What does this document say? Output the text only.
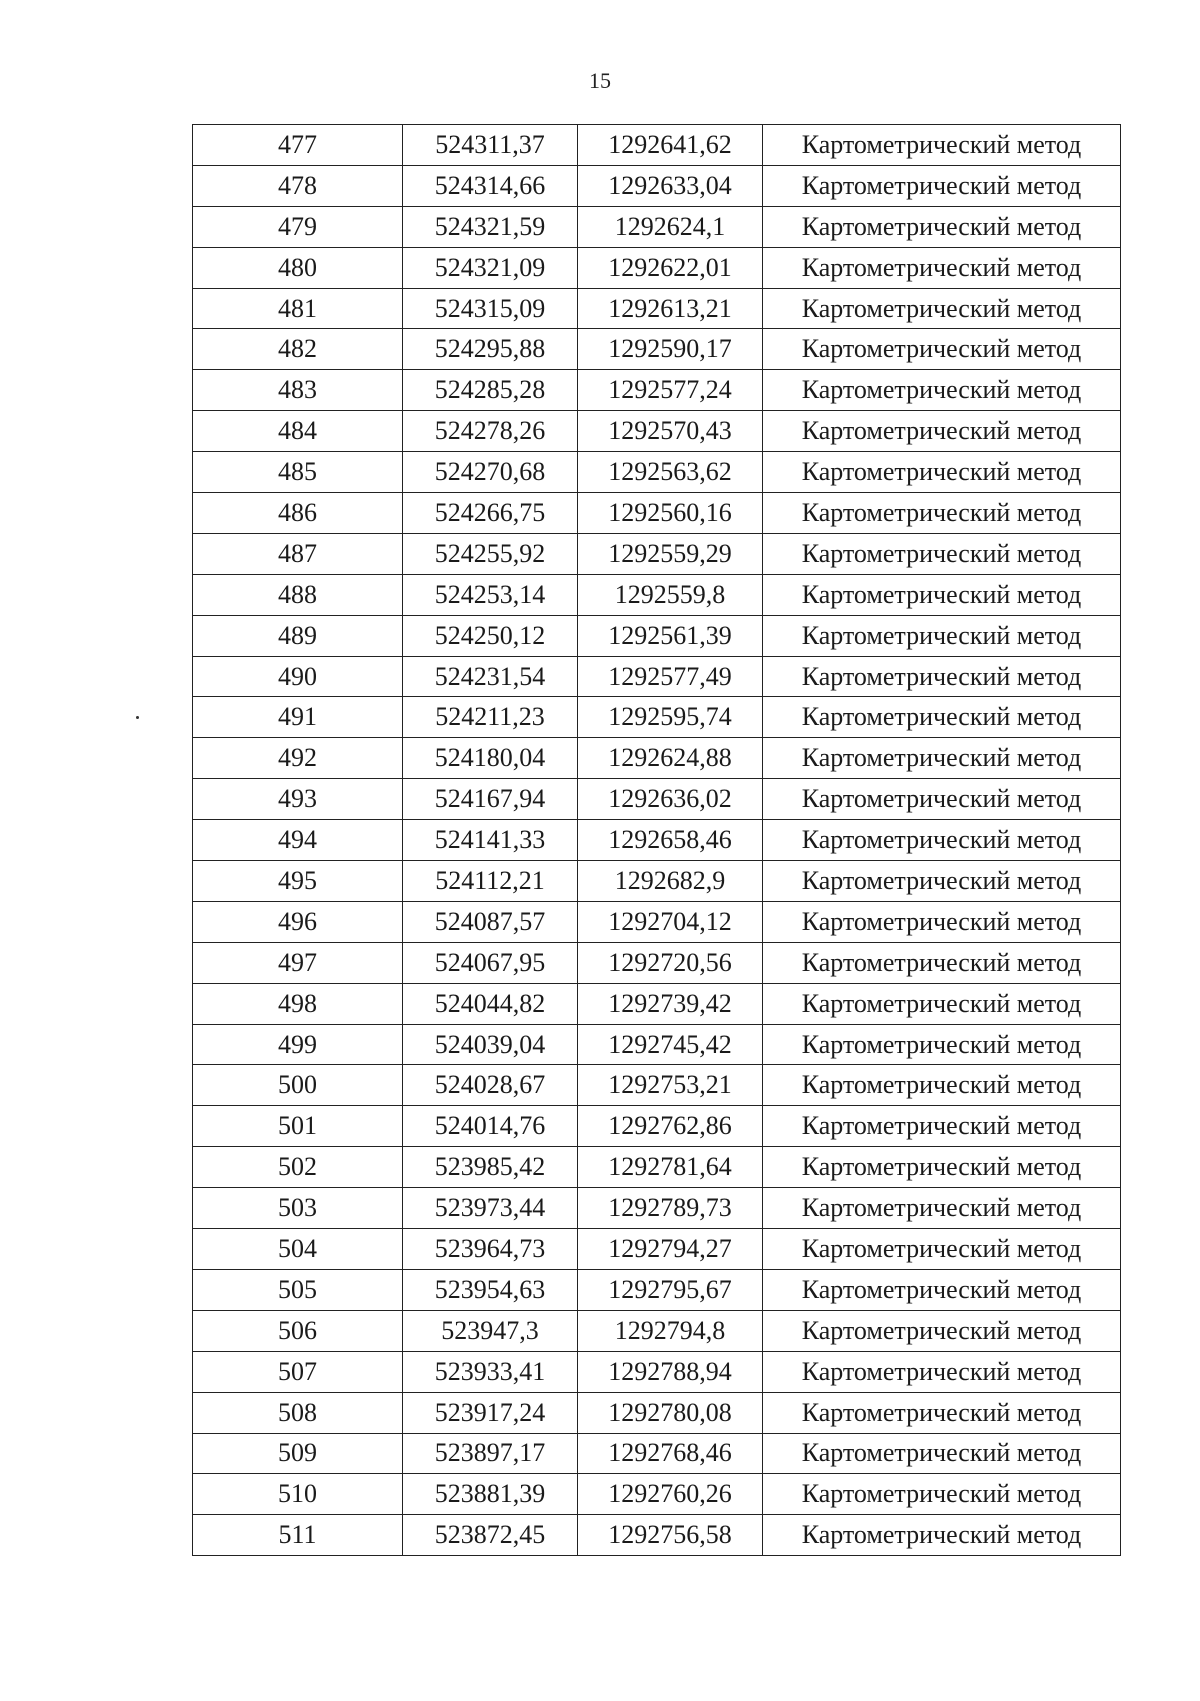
15
477	524311,37	1292641,62	Картометрический метод
478	524314,66	1292633,04	Картометрический метод
479	524321,59	1292624,1	Картометрический метод
480	524321,09	1292622,01	Картометрический метод
481	524315,09	1292613,21	Картометрический метод
482	524295,88	1292590,17	Картометрический метод
483	524285,28	1292577,24	Картометрический метод
484	524278,26	1292570,43	Картометрический метод
485	524270,68	1292563,62	Картометрический метод
486	524266,75	1292560,16	Картометрический метод
487	524255,92	1292559,29	Картометрический метод
488	524253,14	1292559,8	Картометрический метод
489	524250,12	1292561,39	Картометрический метод
490	524231,54	1292577,49	Картометрический метод
491	524211,23	1292595,74	Картометрический метод
492	524180,04	1292624,88	Картометрический метод
493	524167,94	1292636,02	Картометрический метод
494	524141,33	1292658,46	Картометрический метод
495	524112,21	1292682,9	Картометрический метод
496	524087,57	1292704,12	Картометрический метод
497	524067,95	1292720,56	Картометрический метод
498	524044,82	1292739,42	Картометрический метод
499	524039,04	1292745,42	Картометрический метод
500	524028,67	1292753,21	Картометрический метод
501	524014,76	1292762,86	Картометрический метод
502	523985,42	1292781,64	Картометрический метод
503	523973,44	1292789,73	Картометрический метод
504	523964,73	1292794,27	Картометрический метод
505	523954,63	1292795,67	Картометрический метод
506	523947,3	1292794,8	Картометрический метод
507	523933,41	1292788,94	Картометрический метод
508	523917,24	1292780,08	Картометрический метод
509	523897,17	1292768,46	Картометрический метод
510	523881,39	1292760,26	Картометрический метод
511	523872,45	1292756,58	Картометрический метод
